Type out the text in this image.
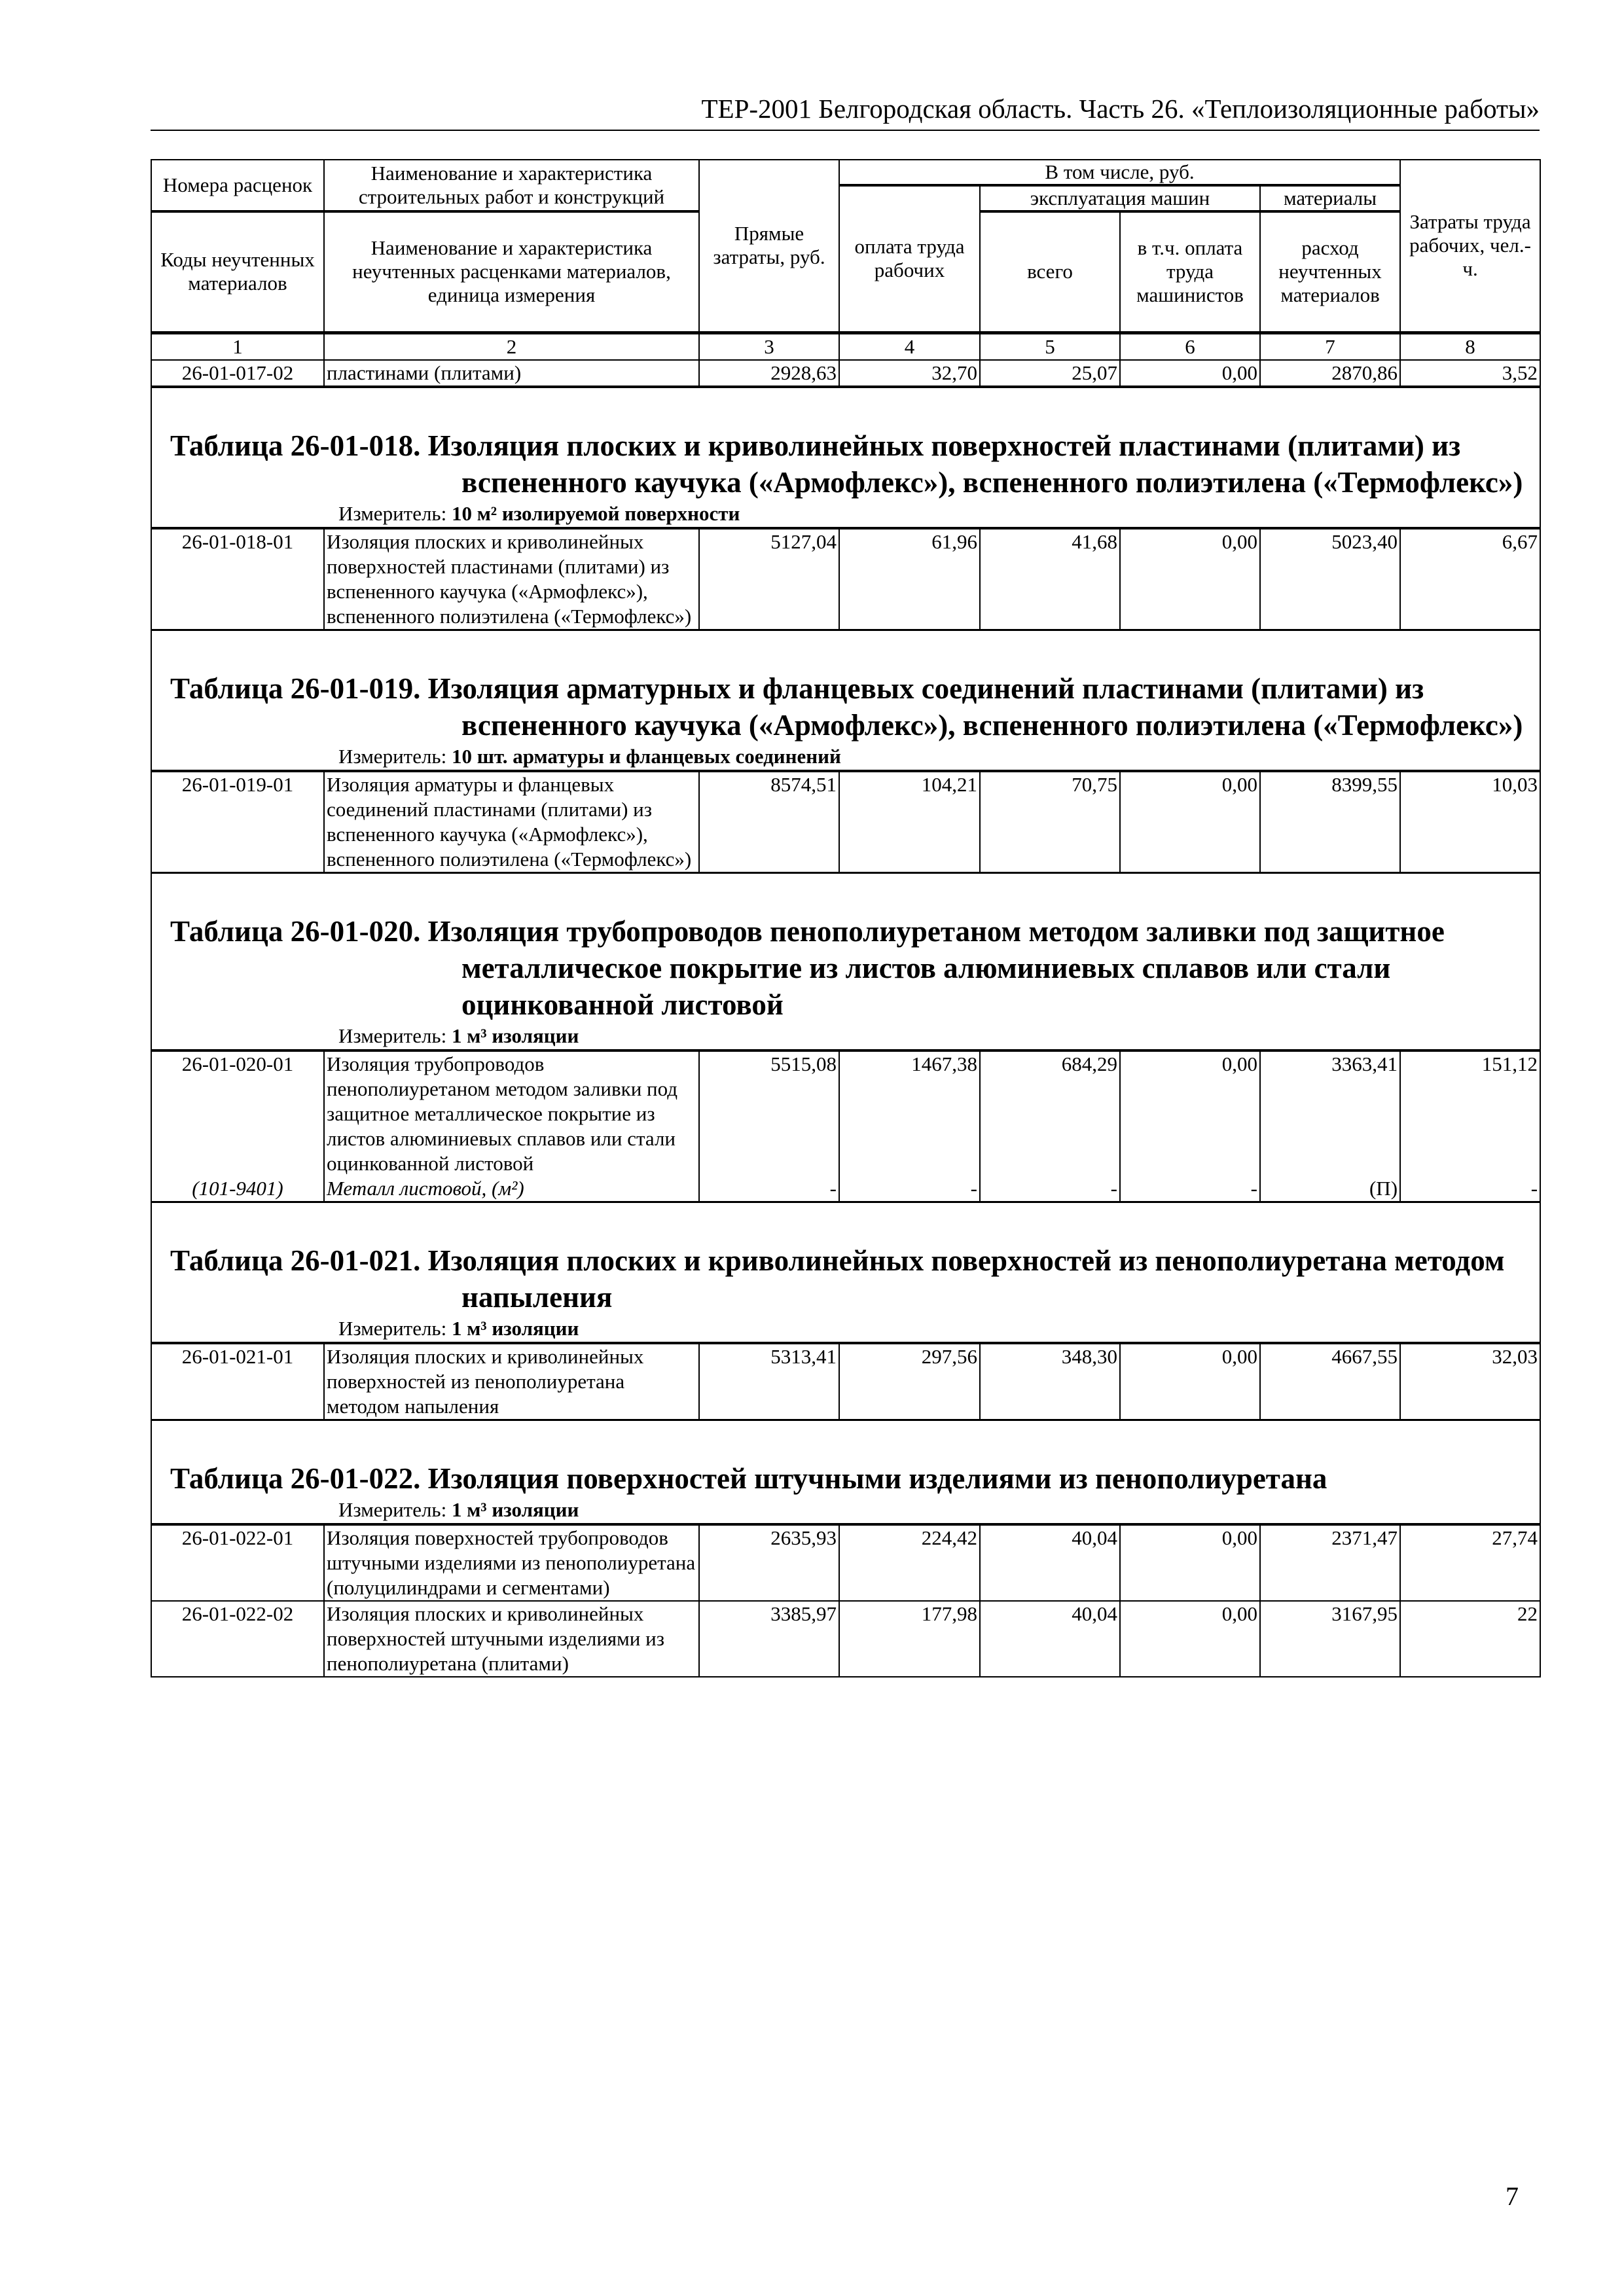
ТЕР-2001 Белгородская область. Часть 26. «Теплоизоляционные работы»
Номера расценок	Наименование и характеристика строительных работ и конструкций	Прямые затраты, руб.	В том числе, руб.				Затраты труда рабочих, чел.-ч.
			оплата труда рабочих	эксплуатация машин		материалы	
Коды неучтенных материалов	Наименование и характеристика неучтенных расценками материалов, единица измерения			всего	в т.ч. оплата труда машинистов	расход неучтенных материалов	
1	2	3	4	5	6	7	8
26-01-017-02	пластинами (плитами)	2928,63	32,70	25,07	0,00	2870,86	3,52

Таблица 26-01-018. Изоляция плоских и криволинейных поверхностей пластинами (плитами) из вспененного каучука («Армофлекс»), вспененного полиэтилена («Термофлекс»)							

Измеритель: 10 м² изолируемой поверхности							
26-01-018-01	Изоляция плоских и криволинейных поверхностей пластинами (плитами) из вспененного каучука («Армофлекс»), вспененного полиэтилена («Термофлекс»)	5127,04	61,96	41,68	0,00	5023,40	6,67

Таблица 26-01-019. Изоляция арматурных и фланцевых соединений пластинами (плитами) из вспененного каучука («Армофлекс»), вспененного полиэтилена («Термофлекс»)							

Измеритель: 10 шт. арматуры и фланцевых соединений							
26-01-019-01	Изоляция арматуры и фланцевых соединений пластинами (плитами) из вспененного каучука («Армофлекс»), вспененного полиэтилена («Термофлекс»)	8574,51	104,21	70,75	0,00	8399,55	10,03

Таблица 26-01-020. Изоляция трубопроводов пенополиуретаном методом заливки под защитное металлическое покрытие из листов алюминиевых сплавов или стали оцинкованной листовой							

Измеритель: 1 м³ изоляции							
26-01-020-01	Изоляция трубопроводов пенополиуретаном методом заливки под защитное металлическое покрытие из листов алюминиевых сплавов или стали оцинкованной листовой	5515,08	1467,38	684,29	0,00	3363,41	151,12
(101-9401)	Металл листовой, (м²)	-	-	-	-	(П)	-

Таблица 26-01-021. Изоляция плоских и криволинейных поверхностей из пенополиуретана методом напыления							

Измеритель: 1 м³ изоляции							
26-01-021-01	Изоляция плоских и криволинейных поверхностей из пенополиуретана методом напыления	5313,41	297,56	348,30	0,00	4667,55	32,03

Таблица 26-01-022. Изоляция поверхностей штучными изделиями из пенополиуретана							

Измеритель: 1 м³ изоляции							
26-01-022-01	Изоляция поверхностей трубопроводов штучными изделиями из пенополиуретана (полуцилиндрами и сегментами)	2635,93	224,42	40,04	0,00	2371,47	27,74
26-01-022-02	Изоляция плоских и криволинейных поверхностей штучными изделиями из пенополиуретана (плитами)	3385,97	177,98	40,04	0,00	3167,95	22
7
